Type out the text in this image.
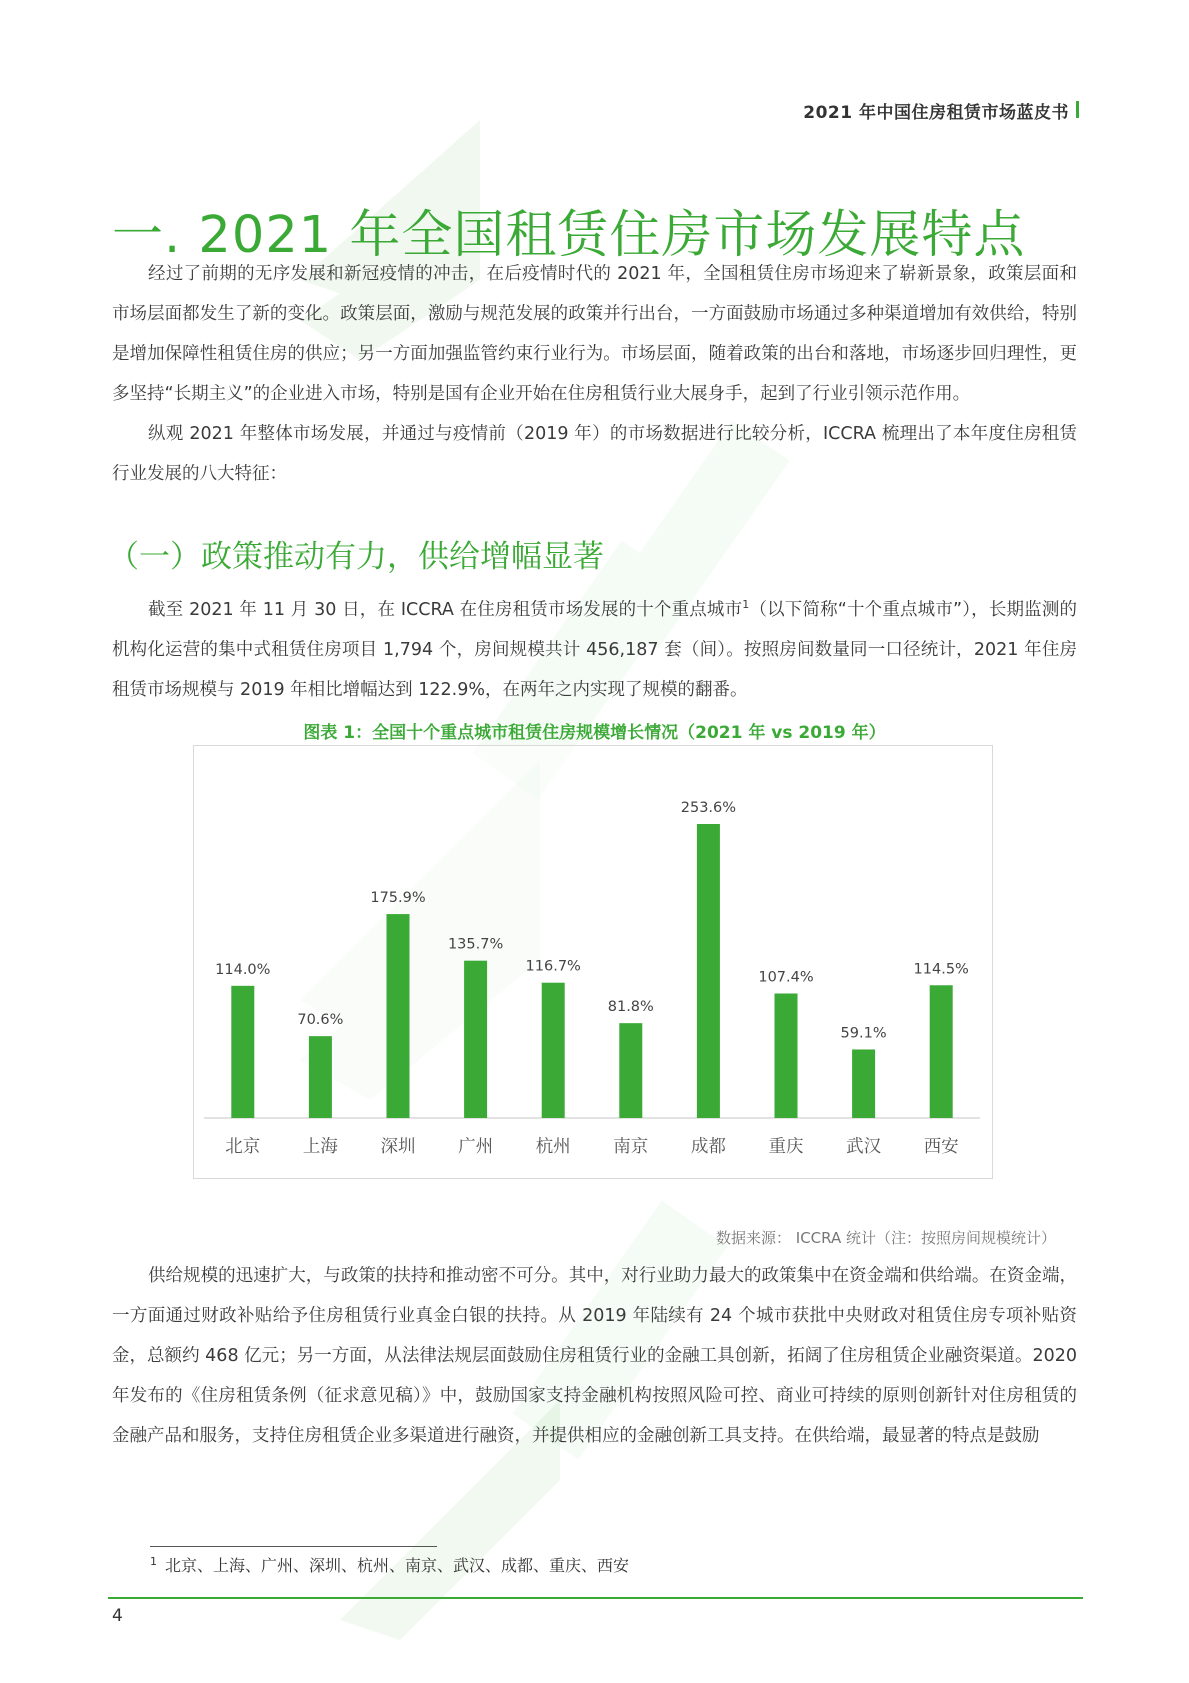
2021 年中国住房租赁市场蓝皮书
一. 2021 年全国租赁住房市场发展特点

经过了前期的无序发展和新冠疫情的冲击，在后疫情时代的 2021 年，全国租赁住房市场迎来了崭新景象，政策层面和市场层面都发生了新的变化。政策层面，激励与规范发展的政策并行出台，一方面鼓励市场通过多种渠道增加有效供给，特别是增加保障性租赁住房的供应；另一方面加强监管约束行业行为。市场层面，随着政策的出台和落地，市场逐步回归理性，更多坚持“长期主义”的企业进入市场，特别是国有企业开始在住房租赁行业大展身手，起到了行业引领示范作用。

纵观 2021 年整体市场发展，并通过与疫情前（2019 年）的市场数据进行比较分析，ICCRA 梳理出了本年度住房租赁行业发展的八大特征：

（一）政策推动有力，供给增幅显著

截至 2021 年 11 月 30 日，在 ICCRA 在住房租赁市场发展的十个重点城市$^1$（以下简称“十个重点城市”），长期监测的机构化运营的集中式租赁住房项目 1,794 个，房间规模共计 456,187 套（间）。按照房间数量同一口径统计，2021 年住房租赁市场规模与 2019 年相比增幅达到 122.9%，在两年之内实现了规模的翻番。

图表 1：全国十个重点城市租赁住房规模增长情况（2021 年 vs 2019 年）
114.0%
北京
70.6%
上海
175.9%
深圳
135.7%
广州
116.7%
杭州
81.8%
南京
253.6%
成都
107.4%
重庆
59.1%
武汉
114.5%
西安
数据来源： ICCRA 统计（注：按照房间规模统计）

供给规模的迅速扩大，与政策的扶持和推动密不可分。其中，对行业助力最大的政策集中在资金端和供给端。在资金端，一方面通过财政补贴给予住房租赁行业真金白银的扶持。从 2019 年陆续有 24 个城市获批中央财政对租赁住房专项补贴资金，总额约 468 亿元；另一方面，从法律法规层面鼓励住房租赁行业的金融工具创新，拓阔了住房租赁企业融资渠道。2020 年发布的《住房租赁条例（征求意见稿）》中，鼓励国家支持金融机构按照风险可控、商业可持续的原则创新针对住房租赁的金融产品和服务，支持住房租赁企业多渠道进行融资，并提供相应的金融创新工具支持。在供给端，最显著的特点是鼓励

$^1$ 北京、上海、广州、深圳、杭州、南京、武汉、成都、重庆、西安
4
